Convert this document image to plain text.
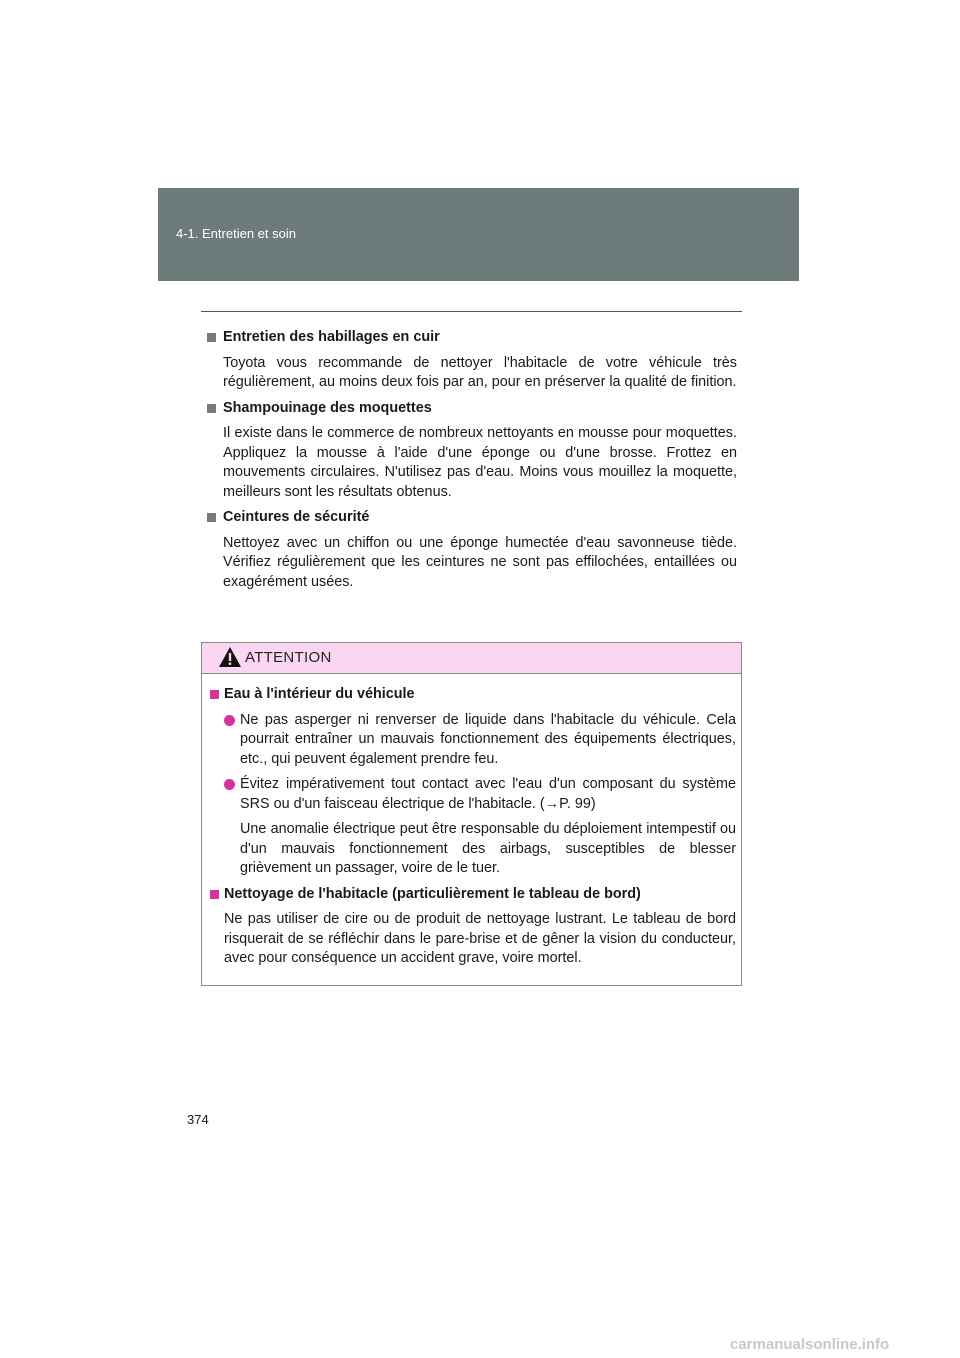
4-1. Entretien et soin
Entretien des habillages en cuir
Toyota vous recommande de nettoyer l'habitacle de votre véhicule très régulièrement, au moins deux fois par an, pour en préserver la qualité de finition.
Shampouinage des moquettes
Il existe dans le commerce de nombreux nettoyants en mousse pour moquettes. Appliquez la mousse à l'aide d'une éponge ou d'une brosse. Frottez en mouvements circulaires. N'utilisez pas d'eau. Moins vous mouillez la moquette, meilleurs sont les résultats obtenus.
Ceintures de sécurité
Nettoyez avec un chiffon ou une éponge humectée d'eau savonneuse tiède. Vérifiez régulièrement que les ceintures ne sont pas effilochées, entaillées ou exagérément usées.
ATTENTION
Eau à l'intérieur du véhicule
Ne pas asperger ni renverser de liquide dans l'habitacle du véhicule. Cela pourrait entraîner un mauvais fonctionnement des équipements électriques, etc., qui peuvent également prendre feu.
Évitez impérativement tout contact avec l'eau d'un composant du système SRS ou d'un faisceau électrique de l'habitacle. (→P. 99)
Une anomalie électrique peut être responsable du déploiement intempestif ou d'un mauvais fonctionnement des airbags, susceptibles de blesser grièvement un passager, voire de le tuer.
Nettoyage de l'habitacle (particulièrement le tableau de bord)
Ne pas utiliser de cire ou de produit de nettoyage lustrant. Le tableau de bord risquerait de se réfléchir dans le pare-brise et de gêner la vision du conducteur, avec pour conséquence un accident grave, voire mortel.
374
carmanualsonline.info
